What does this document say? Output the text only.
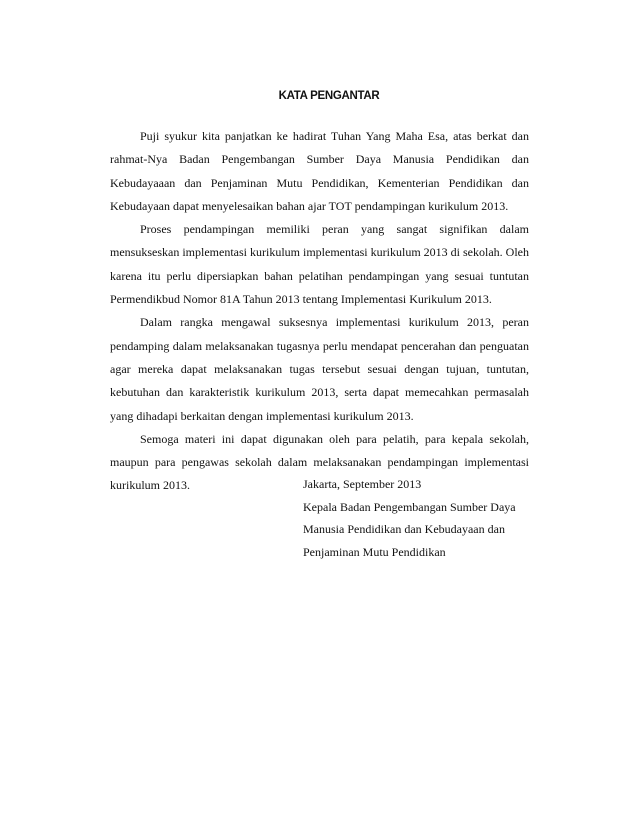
KATA PENGANTAR

Puji syukur kita panjatkan ke hadirat Tuhan Yang Maha Esa, atas berkat dan rahmat-Nya Badan Pengembangan Sumber Daya Manusia Pendidikan dan Kebudayaaan dan Penjaminan Mutu Pendidikan, Kementerian Pendidikan dan Kebudayaan dapat menyelesaikan bahan ajar TOT pendampingan kurikulum 2013.

Proses pendampingan memiliki peran yang sangat signifikan dalam mensukseskan implementasi kurikulum implementasi kurikulum 2013 di sekolah. Oleh karena itu perlu dipersiapkan bahan pelatihan pendampingan yang sesuai tuntutan Permendikbud Nomor 81A Tahun 2013 tentang Implementasi Kurikulum 2013.

Dalam rangka mengawal suksesnya implementasi kurikulum 2013, peran pendamping dalam melaksanakan tugasnya perlu mendapat pencerahan dan penguatan agar mereka dapat melaksanakan tugas tersebut sesuai dengan tujuan, tuntutan, kebutuhan dan karakteristik kurikulum 2013, serta dapat memecahkan permasalah yang dihadapi berkaitan dengan implementasi kurikulum 2013.

Semoga materi ini dapat digunakan oleh para pelatih, para kepala sekolah, maupun para pengawas sekolah dalam melaksanakan pendampingan implementasi kurikulum 2013.	Jakarta, September 2013
Kepala Badan Pengembangan Sumber Daya
Manusia Pendidikan dan Kebudayaan dan
Penjaminan Mutu Pendidikan
